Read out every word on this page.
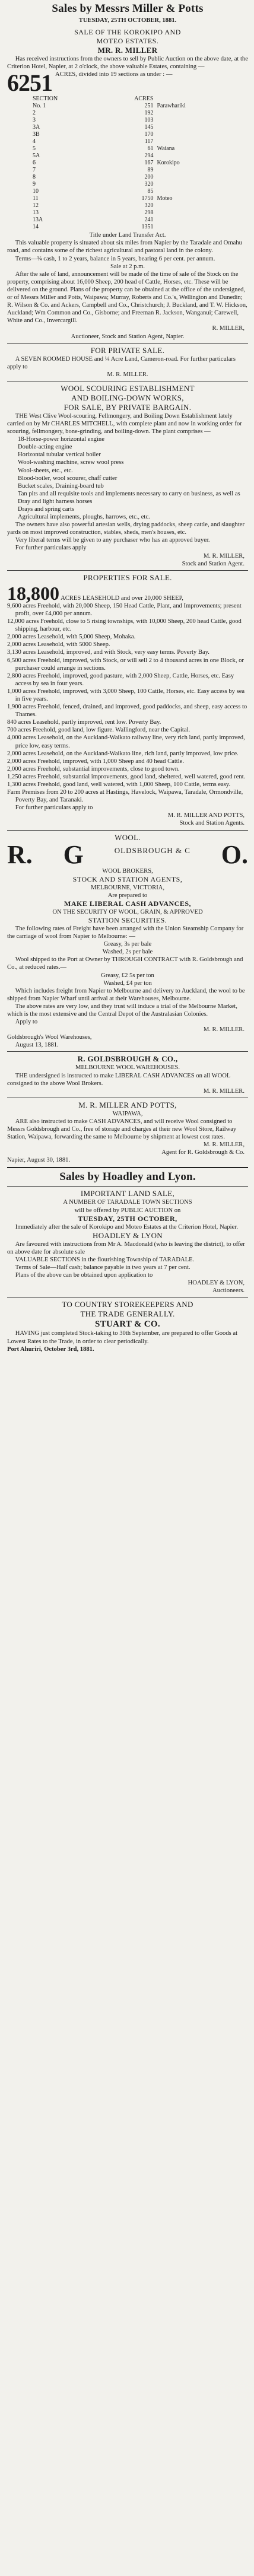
Sales by Messrs Miller & Potts
TUESDAY, 25TH OCTOBER, 1881.
SALE OF THE KOROKIPO AND
MOTEO ESTATES.
MR. R. MILLER

Has received instructions from the owners to sell by Public Auction on the above date, at the Criterion Hotel, Napier, at 2 o'clock, the above valuable Estates, containing —

6251 ACRES, divided into 19 sections as under : —

SECTION	ACRES	
No. 1	251	Parawhariki
2	192	
3	103	
3A	145	
3B	170	
4	117	
5	61	Waiana
5A	294	
6	167	Korokipo
7	89	
8	200	
9	320	
10	85	
11	1750	Moteo
12	320	
13	298	
13A	241	
14	1351	
Title under Land Transfer Act.

This valuable property is situated about six miles from Napier by the Taradale and Omahu road, and contains some of the richest agricultural and pastoral land in the colony.

Terms—¼ cash, 1 to 2 years, balance in 5 years, bearing 6 per cent. per annum.

Sale at 2 p.m.

After the sale of land, announcement will be made of the time of sale of the Stock on the property, comprising about 16,000 Sheep, 200 head of Cattle, Horses, etc. These will be delivered on the ground. Plans of the property can be obtained at the office of the undersigned, or of Messrs Miller and Potts, Waipawa; Murray, Roberts and Co.'s, Wellington and Dunedin; R. Wilson & Co. and Ackers, Campbell and Co., Christchurch; J. Buckland, and T. W. Hickson, Auckland; Wm Common and Co., Gisborne; and Freeman R. Jackson, Wanganui; Carewell, White and Co., Invercargill.

R. MILLER,
Auctioneer, Stock and Station Agent, Napier.
FOR PRIVATE SALE.

A SEVEN ROOMED HOUSE and ¼ Acre Land, Cameron-road. For further particulars apply to

M. R. MILLER.
WOOL SCOURING ESTABLISHMENT
AND BOILING-DOWN WORKS,
FOR SALE, BY PRIVATE BARGAIN.

THE West Clive Wool-scouring, Fellmongery, and Boiling Down Establishment lately carried on by Mr CHARLES MITCHELL, with complete plant and now in working order for scouring, fellmongery, bone-grinding, and boiling-down. The plant comprises —

18-Horse-power horizontal engine
Double-acting engine
Horizontal tubular vertical boiler
Wool-washing machine, screw wool press
Wool-sheets, etc., etc.
Blood-boiler, wool scourer, chaff cutter
Bucket scales, Draining-board tub
Tan pits and all requisite tools and implements necessary to carry on business, as well as
Dray and light harness horses
Drays and spring carts
Agricultural implements, ploughs, harrows, etc., etc.

The owners have also powerful artesian wells, drying paddocks, sheep cattle, and slaughter yards on most improved construction, stables, sheds, men's houses, etc.

Very liberal terms will be given to any purchaser who has an approved buyer.

For further particulars apply

M. R. MILLER,
Stock and Station Agent.
PROPERTIES FOR SALE.
18,800 ACRES LEASEHOLD and over 20,000 SHEEP,

9,600 acres Freehold, with 20,000 Sheep, 150 Head Cattle, Plant, and Improvements; present profit, over £4,000 per annum.

12,000 acres Freehold, close to 5 rising townships, with 10,000 Sheep, 200 head Cattle, good shipping, harbour, etc.

2,000 acres Leasehold, with 5,000 Sheep, Mohaka.

2,000 acres Leasehold, with 5000 Sheep.

3,130 acres Leasehold, improved, and with Stock, very easy terms. Poverty Bay.

6,500 acres Freehold, improved, with Stock, or will sell 2 to 4 thousand acres in one Block, or purchaser could arrange in sections.

2,800 acres Freehold, improved, good pasture, with 2,000 Sheep, Cattle, Horses, etc. Easy access by sea in four years.

1,000 acres Freehold, improved, with 3,000 Sheep, 100 Cattle, Horses, etc. Easy access by sea in five years.

1,900 acres Freehold, fenced, drained, and improved, good paddocks, and sheep, easy access to Thames.

840 acres Leasehold, partly improved, rent low. Poverty Bay.

700 acres Freehold, good land, low figure. Wallingford, near the Capital.

4,000 acres Leasehold, on the Auckland-Waikato railway line, very rich land, partly improved, price low, easy terms.

2,000 acres Leasehold, on the Auckland-Waikato line, rich land, partly improved, low price.

2,000 acres Freehold, improved, with 1,000 Sheep and 40 head Cattle.

2,000 acres Freehold, substantial improvements, close to good town.

1,250 acres Freehold, substantial improvements, good land, sheltered, well watered, good rent.

1,300 acres Freehold, good land, well watered, with 1,000 Sheep, 100 Cattle, terms easy.

Farm Premises from 20 to 200 acres at Hastings, Havelock, Waipawa, Taradale, Ormondville, Poverty Bay, and Taranaki.

For further particulars apply to

M. R. MILLER AND POTTS,
Stock and Station Agents.
WOOL.
R. G	OLDSBROUGH & C O.
WOOL BROKERS,
STOCK AND STATION AGENTS,
MELBOURNE, VICTORIA,
Are prepared to
MAKE LIBERAL CASH ADVANCES,
ON THE SECURITY OF WOOL, GRAIN, & APPROVED
STATION SECURITIES.

The following rates of Freight have been arranged with the Union Steamship Company for the carriage of wool from Napier to Melbourne: —

Greasy, 3s per bale
Washed, 2s per bale

Wool shipped to the Port at Owner by THROUGH CONTRACT with R. Goldsbrough and Co., at reduced rates.—

Greasy, £2 5s per ton
Washed, £4 per ton

Which includes freight from Napier to Melbourne and delivery to Auckland, the wool to be shipped from Napier Wharf until arrival at their Warehouses, Melbourne.

The above rates are very low, and they trust will induce a trial of the Melbourne Market, which is the most extensive and the Central Depot of the Australasian Colonies.

Apply to

M. R. MILLER.
Goldsbrough's Wool Warehouses,
August 13, 1881.
R. GOLDSBROUGH & CO.,
MELBOURNE WOOL WAREHOUSES.

THE undersigned is instructed to make LIBERAL CASH ADVANCES on all WOOL consigned to the above Wool Brokers.

M. R. MILLER.
M. R. MILLER AND POTTS,
WAIPAWA,

ARE also instructed to make CASH ADVANCES, and will receive Wool consigned to Messrs Goldsbrough and Co., free of storage and charges at their new Wool Store, Railway Station, Waipawa, forwarding the same to Melbourne by shipment at lowest cost rates.

M. R. MILLER,
Agent for R. Goldsbrough & Co.
Napier, August 30, 1881.
Sales by Hoadley and Lyon.
IMPORTANT LAND SALE,
A NUMBER OF TARADALE TOWN SECTIONS
will be offered by PUBLIC AUCTION on
TUESDAY, 25TH OCTOBER,

Immediately after the sale of Korokipo and Moteo Estates at the Criterion Hotel, Napier.

HOADLEY & LYON

Are favoured with instructions from Mr A. Macdonald (who is leaving the district), to offer on above date for absolute sale

VALUABLE SECTIONS in the flourishing Township of TARADALE.

Terms of Sale—Half cash; balance payable in two years at 7 per cent.

Plans of the above can be obtained upon application to

HOADLEY & LYON,
Auctioneers.
TO COUNTRY STOREKEEPERS AND
THE TRADE GENERALLY.
STUART & CO.

HAVING just completed Stock-taking to 30th September, are prepared to offer Goods at Lowest Rates to the Trade, in order to clear periodically.

Port Ahuriri, October 3rd, 1881.
